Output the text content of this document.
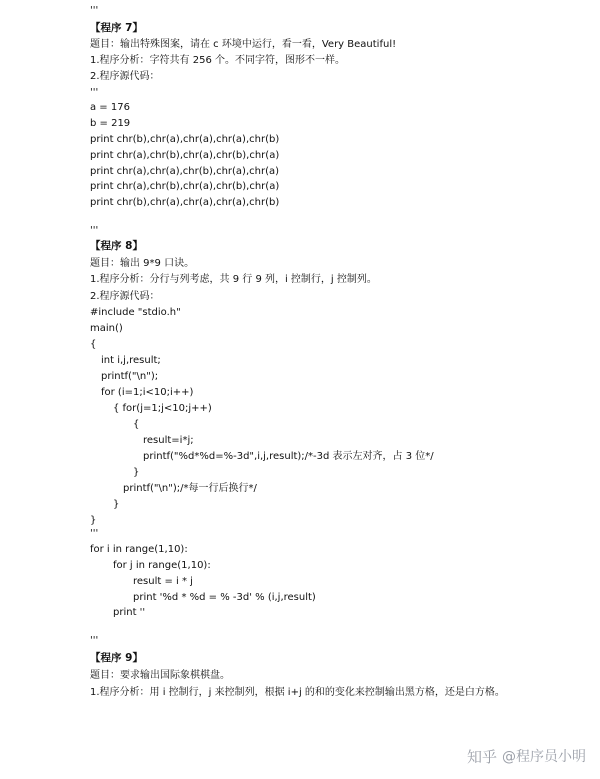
'''
【程序 7】
题目：输出特殊图案，请在 c 环境中运行，看一看，Very Beautiful!
1.程序分析：字符共有 256 个。不同字符，图形不一样。
2.程序源代码：
'''
a = 176
b = 219
print chr(b),chr(a),chr(a),chr(a),chr(b)
print chr(a),chr(b),chr(a),chr(b),chr(a)
print chr(a),chr(a),chr(b),chr(a),chr(a)
print chr(a),chr(b),chr(a),chr(b),chr(a)
print chr(b),chr(a),chr(a),chr(a),chr(b)
'''
【程序 8】
题目：输出 9*9 口诀。
1.程序分析：分行与列考虑，共 9 行 9 列，i 控制行，j 控制列。
2.程序源代码：
#include "stdio.h"
main()
{
int i,j,result;
printf("\n");
for (i=1;i<10;i++)
{ for(j=1;j<10;j++)
{
result=i*j;
printf("%d*%d=%-3d",i,j,result);/*-3d 表示左对齐，占 3 位*/
}
printf("\n");/*每一行后换行*/
}
}
'''
for i in range(1,10):
for j in range(1,10):
result = i * j
print '%d * %d = % -3d' % (i,j,result)
print ''
'''
【程序 9】
题目：要求输出国际象棋棋盘。
1.程序分析：用 i 控制行，j 来控制列，根据 i+j 的和的变化来控制输出黑方格，还是白方格。
知乎 @程序员小明
